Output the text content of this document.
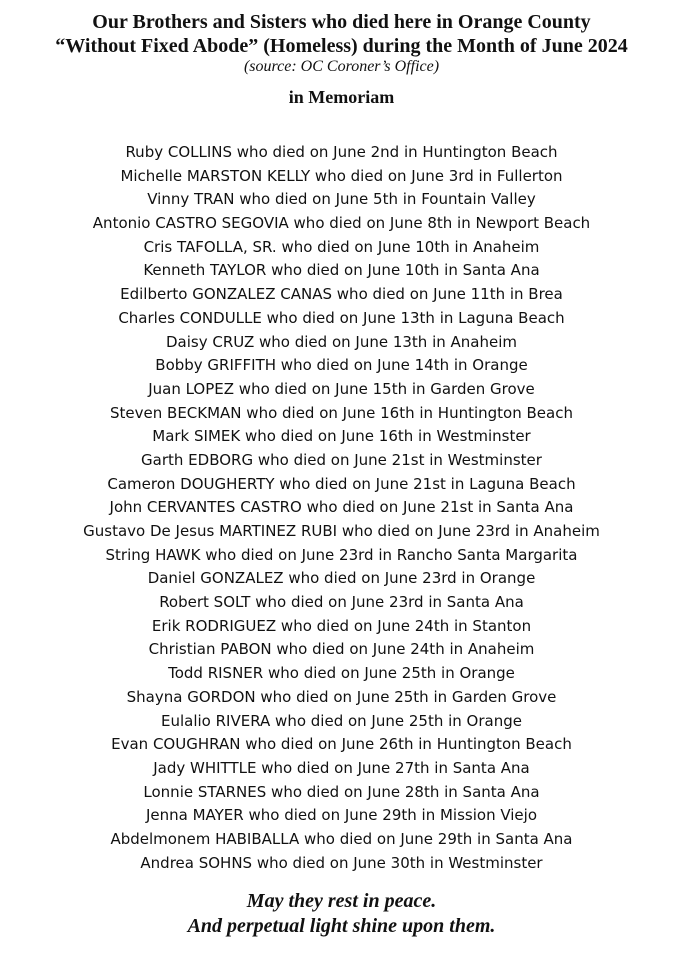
Our Brothers and Sisters who died here in Orange County
“Without Fixed Abode” (Homeless) during the Month of June 2024
(source: OC Coroner’s Office)
in Memoriam
Ruby COLLINS who died on June 2nd in Huntington Beach
Michelle MARSTON KELLY who died on June 3rd in Fullerton
Vinny TRAN who died on June 5th in Fountain Valley
Antonio CASTRO SEGOVIA who died on June 8th in Newport Beach
Cris TAFOLLA, SR. who died on June 10th in Anaheim
Kenneth TAYLOR who died on June 10th in Santa Ana
Edilberto GONZALEZ CANAS who died on June 11th in Brea
Charles CONDULLE who died on June 13th in Laguna Beach
Daisy CRUZ who died on June 13th in Anaheim
Bobby GRIFFITH who died on June 14th in Orange
Juan LOPEZ who died on June 15th in Garden Grove
Steven BECKMAN who died on June 16th in Huntington Beach
Mark SIMEK who died on June 16th in Westminster
Garth EDBORG who died on June 21st in Westminster
Cameron DOUGHERTY who died on June 21st in Laguna Beach
John CERVANTES CASTRO who died on June 21st in Santa Ana
Gustavo De Jesus MARTINEZ RUBI who died on June 23rd in Anaheim
String HAWK who died on June 23rd in Rancho Santa Margarita
Daniel GONZALEZ who died on June 23rd in Orange
Robert SOLT who died on June 23rd in Santa Ana
Erik RODRIGUEZ who died on June 24th in Stanton
Christian PABON who died on June 24th in Anaheim
Todd RISNER who died on June 25th in Orange
Shayna GORDON who died on June 25th in Garden Grove
Eulalio RIVERA who died on June 25th in Orange
Evan COUGHRAN who died on June 26th in Huntington Beach
Jady WHITTLE who died on June 27th in Santa Ana
Lonnie STARNES who died on June 28th in Santa Ana
Jenna MAYER who died on June 29th in Mission Viejo
Abdelmonem HABIBALLA who died on June 29th in Santa Ana
Andrea SOHNS who died on June 30th in Westminster
May they rest in peace.
And perpetual light shine upon them.
